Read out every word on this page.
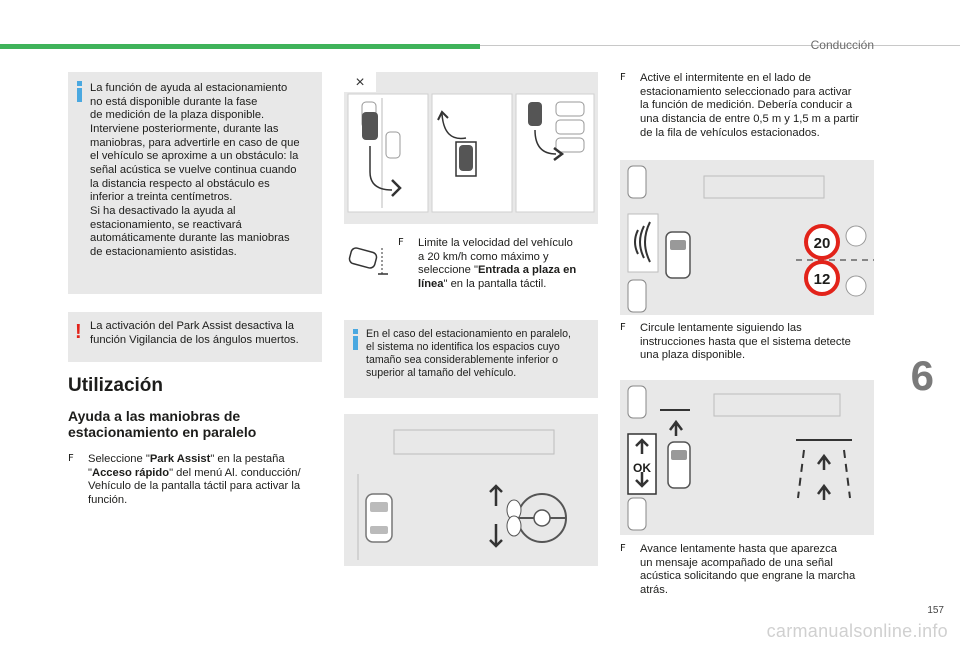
Conducción
La función de ayuda al estacionamiento
no está disponible durante la fase
de medición de la plaza disponible.
Interviene posteriormente, durante las
maniobras, para advertirle en caso de que
el vehículo se aproxime a un obstáculo: la
señal acústica se vuelve continua cuando
la distancia respecto al obstáculo es
inferior a treinta centímetros.
Si ha desactivado la ayuda al
estacionamiento, se reactivará
automáticamente durante las maniobras
de estacionamiento asistidas.
! La activación del Park Assist desactiva la
función Vigilancia de los ángulos muertos.
Utilización
Ayuda a las maniobras de
estacionamiento en paralelo
F Seleccione "Park Assist" en la pestaña
"Acceso rápido" del menú Al. conducción/
Vehículo de la pantalla táctil para activar la
función.
×
F Limite la velocidad del vehículo
a 20 km/h como máximo y
seleccione "Entrada a plaza en
línea" en la pantalla táctil.
En el caso del estacionamiento en paralelo,
el sistema no identifica los espacios cuyo
tamaño sea considerablemente inferior o
superior al tamaño del vehículo.
F Active el intermitente en el lado de
estacionamiento seleccionado para activar
la función de medición. Debería conducir a
una distancia de entre 0,5 m y 1,5 m a partir
de la fila de vehículos estacionados.
20
12
F Circule lentamente siguiendo las
instrucciones hasta que el sistema detecte
una plaza disponible.
OK
F Avance lentamente hasta que aparezca
un mensaje acompañado de una señal
acústica solicitando que engrane la marcha
atrás.
6
157
carmanualsonline.info
